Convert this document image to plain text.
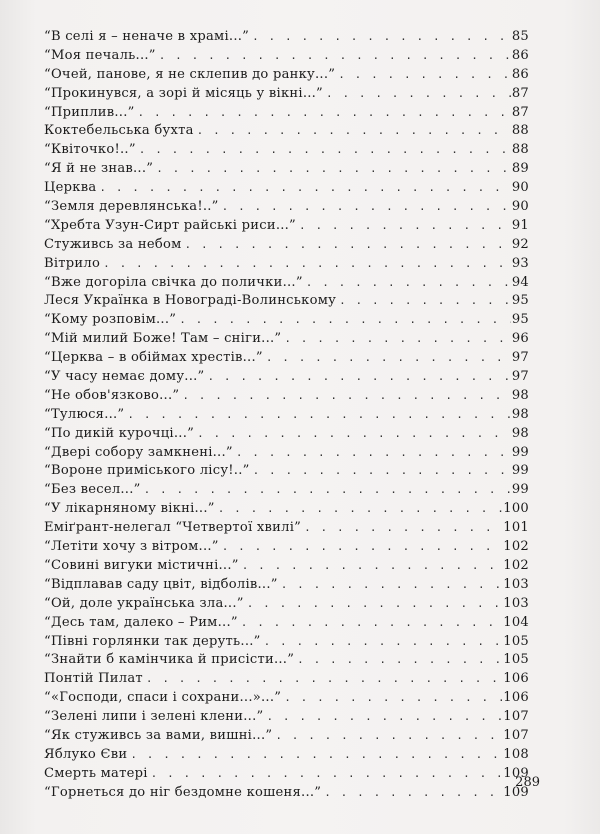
“В селі я – неначе в храмі...” . . .	85
“Моя печаль...” . . .	86
“Очей, панове, я не склепив до ранку...” . . .	86
“Прокинувся, а зорі й місяць у вікні...” . . .	87
“Приплив...” . . .	87
Коктебельська бухта . . .	88
“Квіточко!..” . . .	88
“Я й не знав...” . . .	89
Церква . . .	90
“Земля деревлянська!..” . . .	90
“Хребта Узун-Сирт райські риси...” . . .	91
Стуживсь за небом . . .	92
Вітрило . . .	93
“Вже догоріла свічка до полички...” . . .	94
Леся Українка в Новограді-Волинському . . .	95
“Кому розповім...” . . .	95
“Мій милий Боже! Там – сніги...” . . .	96
“Церква – в обіймах хрестів...” . . .	97
“У часу немає дому...” . . .	97
“Не обов'язково...” . . .	98
“Тулюся...” . . .	98
“По дикій курочці...” . . .	98
“Двері собору замкнені...” . . .	99
“Вороне приміського лісу!..” . . .	99
“Без весел...” . . .	99
“У лікарняному вікні...” . . .	100
Еміґрант-нелегал “Четвертої хвилі” . . .	101
“Летіти хочу з вітром...” . . .	102
“Совині вигуки містичні...” . . .	102
“Відплавав саду цвіт, відболів...” . . .	103
“Ой, доле українська зла...” . . .	103
“Десь там, далеко – Рим...” . . .	104
“Півні горлянки так деруть...” . . .	105
“Знайти б камінчика й присісти...” . . .	105
Понтій Пилат . . .	106
“«Господи, спаси і сохрани...»...” . . .	106
“Зелені липи і зелені клени...” . . .	107
“Як стуживсь за вами, вишні...” . . .	107
Яблуко Єви . . .	108
Смерть матері . . .	109
“Горнеться до ніг бездомне кошеня...” . . .	109
289
